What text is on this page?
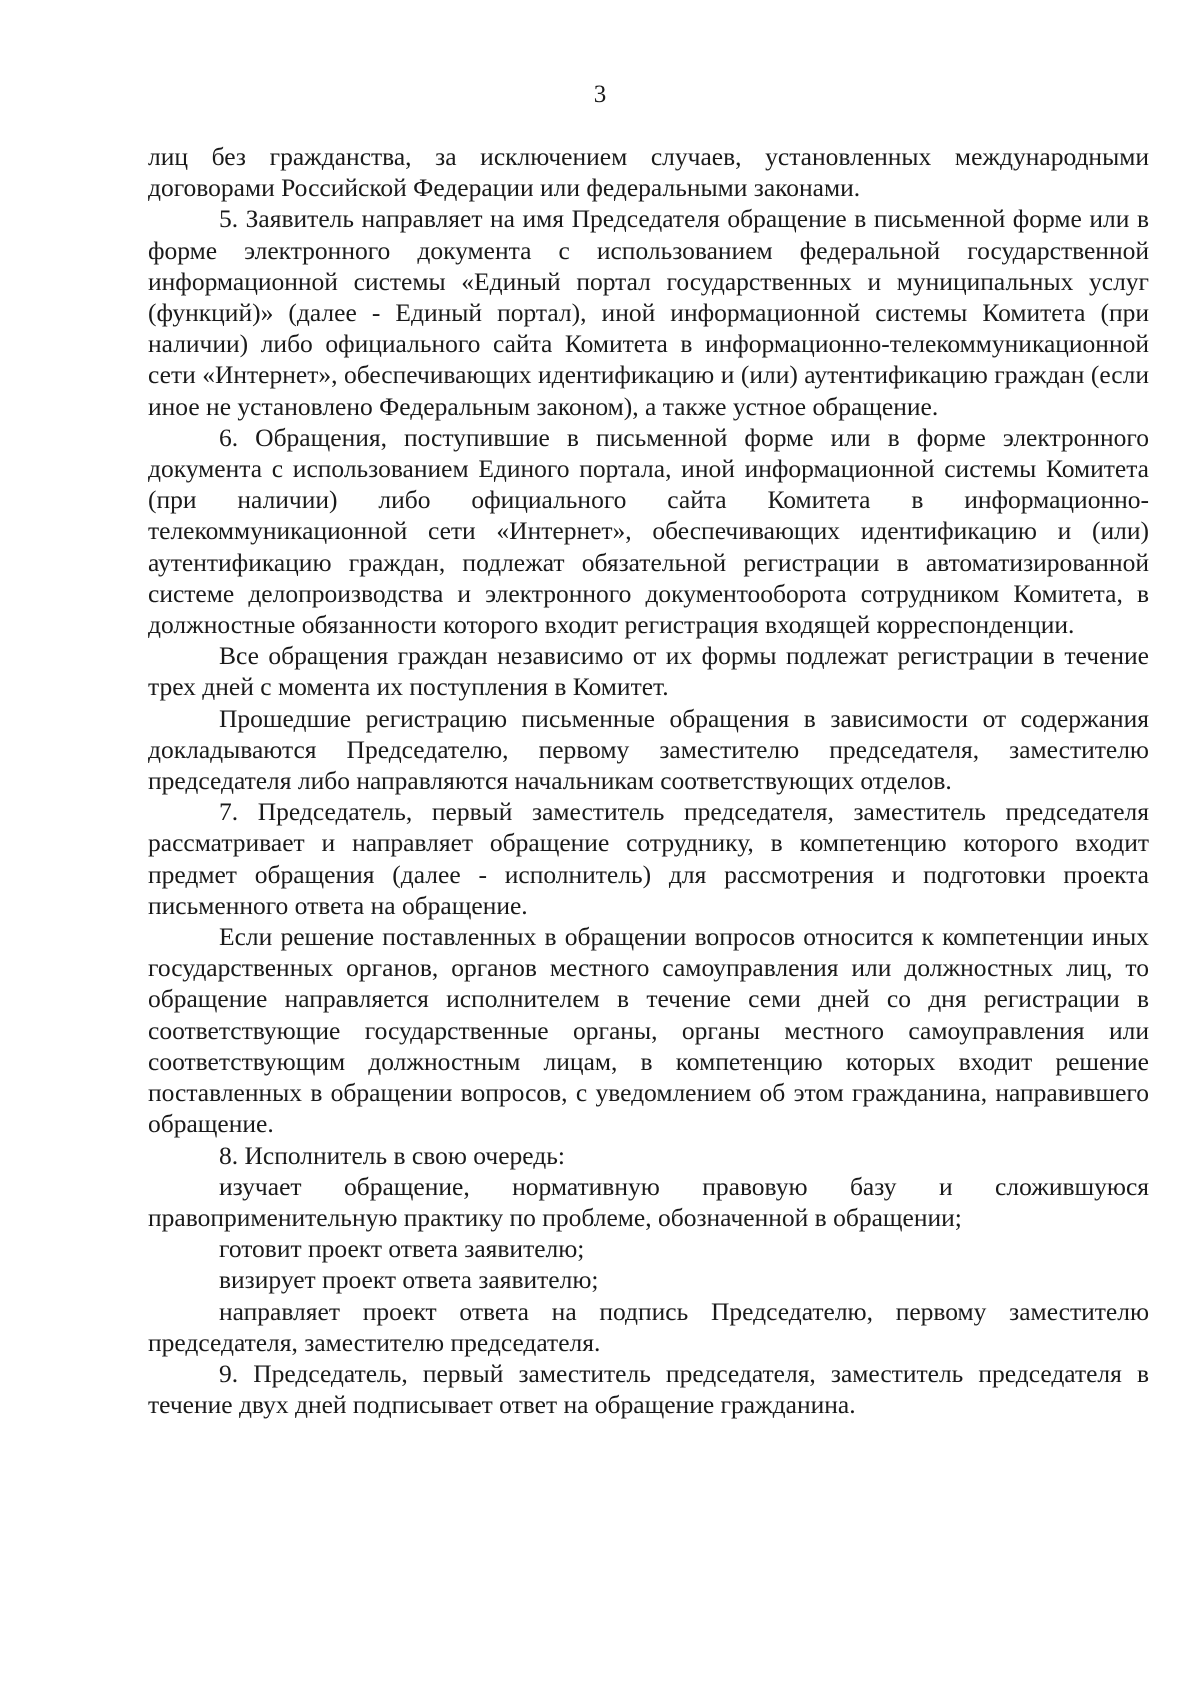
3

лиц без гражданства, за исключением случаев, установленных международными договорами Российской Федерации или федеральными законами.

5. Заявитель направляет на имя Председателя обращение в письменной форме или в форме электронного документа с использованием федеральной государственной информационной системы «Единый портал государственных и муниципальных услуг (функций)» (далее - Единый портал), иной информационной системы Комитета (при наличии) либо официального сайта Комитета в информационно-телекоммуникационной сети «Интернет», обеспечивающих идентификацию и (или) аутентификацию граждан (если иное не установлено Федеральным законом), а также устное обращение.

6. Обращения, поступившие в письменной форме или в форме электронного документа с использованием Единого портала, иной информационной системы Комитета (при наличии) либо официального сайта Комитета в информационно-телекоммуникационной сети «Интернет», обеспечивающих идентификацию и (или) аутентификацию граждан, подлежат обязательной регистрации в автоматизированной системе делопроизводства и электронного документооборота сотрудником Комитета, в должностные обязанности которого входит регистрация входящей корреспонденции.

Все обращения граждан независимо от их формы подлежат регистрации в течение трех дней с момента их поступления в Комитет.

Прошедшие регистрацию письменные обращения в зависимости от содержания докладываются Председателю, первому заместителю председателя, заместителю председателя либо направляются начальникам соответствующих отделов.

7. Председатель, первый заместитель председателя, заместитель председателя рассматривает и направляет обращение сотруднику, в компетенцию которого входит предмет обращения (далее - исполнитель) для рассмотрения и подготовки проекта письменного ответа на обращение.

Если решение поставленных в обращении вопросов относится к компетенции иных государственных органов, органов местного самоуправления или должностных лиц, то обращение направляется исполнителем в течение семи дней со дня регистрации в соответствующие государственные органы, органы местного самоуправления или соответствующим должностным лицам, в компетенцию которых входит решение поставленных в обращении вопросов, с уведомлением об этом гражданина, направившего обращение.

8. Исполнитель в свою очередь:

изучает обращение, нормативную правовую базу и сложившуюся правоприменительную практику по проблеме, обозначенной в обращении;

готовит проект ответа заявителю;

визирует проект ответа заявителю;

направляет проект ответа на подпись Председателю, первому заместителю председателя, заместителю председателя.

9. Председатель, первый заместитель председателя, заместитель председателя в течение двух дней подписывает ответ на обращение гражданина.
